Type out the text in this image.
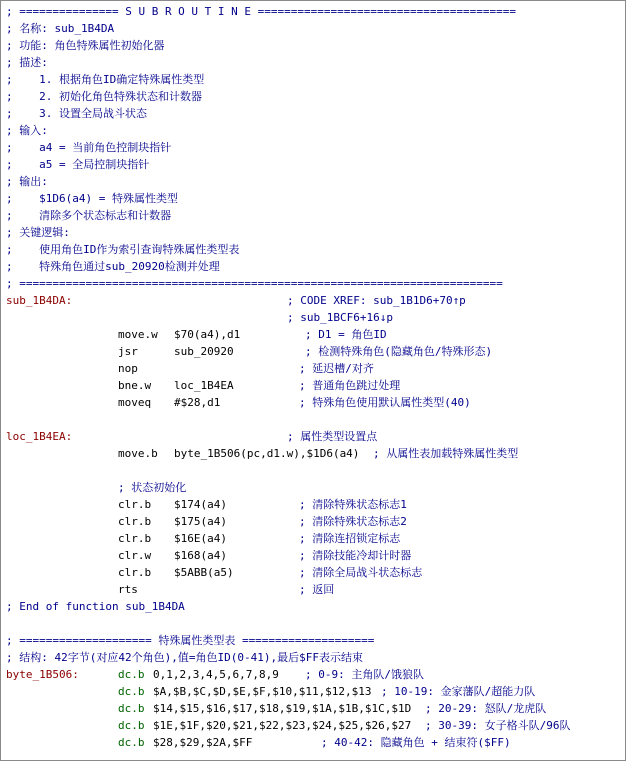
; =============== S U B R O U T I N E =======================================
; 名称: sub_1B4DA
; 功能: 角色特殊属性初始化器
; 描述:
;    1. 根据角色ID确定特殊属性类型
;    2. 初始化角色特殊状态和计数器
;    3. 设置全局战斗状态
; 输入:
;    a4 = 当前角色控制块指针
;    a5 = 全局控制块指针
; 输出:
;    $1D6(a4) = 特殊属性类型
;    清除多个状态标志和计数器
; 关键逻辑:
;    使用角色ID作为索引查询特殊属性类型表
;    特殊角色通过sub_20920检测并处理
; =========================================================================
sub_1B4DA:	; CODE XREF: sub_1B1D6+70↑p
; sub_1BCF6+16↓p
move.w $70(a4),d1	; D1 = 角色ID
jsr	sub_20920	; 检测特殊角色(隐藏角色/特殊形态)
nop	; 延迟槽/对齐
bne.w loc_1B4EA	; 普通角色跳过处理
moveq #$28,d1	; 特殊角色使用默认属性类型(40)
loc_1B4EA:	; 属性类型设置点
move.b byte_1B506(pc,d1.w),$1D6(a4) ; 从属性表加载特殊属性类型
; 状态初始化
clr.b $174(a4)	; 清除特殊状态标志1
clr.b $175(a4)	; 清除特殊状态标志2
clr.b $16E(a4)	; 清除连招锁定标志
clr.w $168(a4)	; 清除技能冷却计时器
clr.b $5ABB(a5)	; 清除全局战斗状态标志
rts	; 返回
; End of function sub_1B4DA
; ==================== 特殊属性类型表 ====================
; 结构: 42字节(对应42个角色),值=角色ID(0-41),最后$FF表示结束
byte_1B506:	dc.b 0,1,2,3,4,5,6,7,8,9 ; 0-9: 主角队/饿狼队
dc.b $A,$B,$C,$D,$E,$F,$10,$11,$12,$13 ; 10-19: 金家藩队/超能力队
dc.b $14,$15,$16,$17,$18,$19,$1A,$1B,$1C,$1D ; 20-29: 怒队/龙虎队
dc.b $1E,$1F,$20,$21,$22,$23,$24,$25,$26,$27 ; 30-39: 女子格斗队/96队
dc.b $28,$29,$2A,$FF	; 40-42: 隐藏角色 + 结束符($FF)
